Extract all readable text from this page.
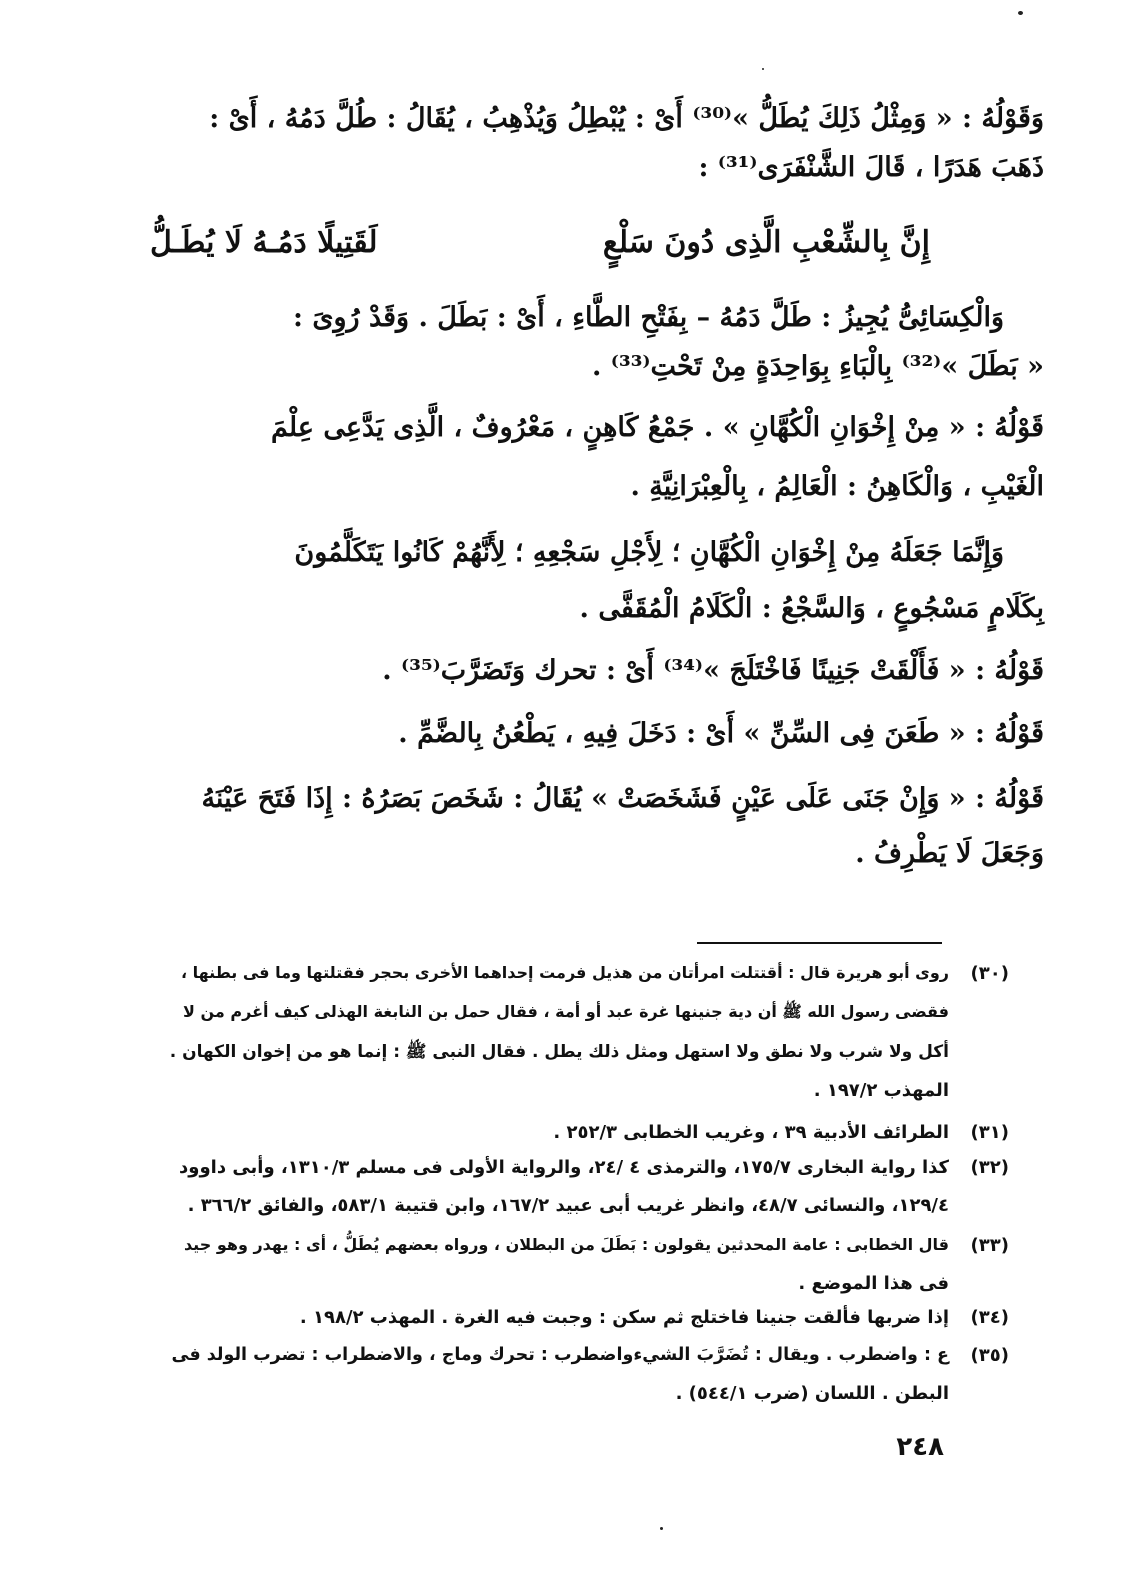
وَقَوْلُهُ : « وَمِثْلُ ذَلِكَ يُطَلُّ »⁽³⁰⁾ أَىْ : يُبْطِلُ وَيُذْهِبُ ، يُقَالُ : طُلَّ دَمُهُ ، أَىْ :
ذَهَبَ هَدَرًا ، قَالَ الشَّنْفَرَى⁽³¹⁾ :
إِنَّ بِالشِّعْبِ الَّذِى دُونَ سَلْعٍ
لَقَتِيلًا دَمُـهُ لَا يُطَـلُّ
وَالْكِسَائِىُّ يُجِيزُ : طَلَّ دَمُهُ – بِفَتْحِ الطَّاءِ ، أَىْ : بَطَلَ . وَقَدْ رُوِىَ :
« بَطَلَ »⁽³²⁾ بِالْبَاءِ بِوَاحِدَةٍ مِنْ تَحْتِ⁽³³⁾ .
قَوْلُهُ : « مِنْ إِخْوَانِ الْكُهَّانِ » . جَمْعُ كَاهِنٍ ، مَعْرُوفٌ ، الَّذِى يَدَّعِى عِلْمَ
الْغَيْبِ ، وَالْكَاهِنُ : الْعَالِمُ ، بِالْعِبْرَانِيَّةِ .
وَإِنَّمَا جَعَلَهُ مِنْ إِخْوَانِ الْكُهَّانِ ؛ لِأَجْلِ سَجْعِهِ ؛ لِأَنَّهُمْ كَانُوا يَتَكَلَّمُونَ
بِكَلَامٍ مَسْجُوعٍ ، وَالسَّجْعُ : الْكَلَامُ الْمُقَفَّى .
قَوْلُهُ : « فَأَلْقَتْ جَنِينًا فَاخْتَلَجَ »⁽³⁴⁾ أَىْ : تحرك وَتَضَرَّبَ⁽³⁵⁾ .
قَوْلُهُ : « طَعَنَ فِى السِّنِّ » أَىْ : دَخَلَ فِيهِ ، يَطْعُنُ بِالضَّمِّ .
قَوْلُهُ : « وَإِنْ جَنَى عَلَى عَيْنٍ فَشَخَصَتْ » يُقَالُ : شَخَصَ بَصَرُهُ : إِذَا فَتَحَ عَيْنَهُ
وَجَعَلَ لَا يَطْرِفُ .
(٣٠)
روى أبو هريرة قال : أقتتلت امرأتان من هذيل فرمت إحداهما الأخرى بحجر فقتلتها وما فى بطنها ،
فقضى رسول الله ﷺ أن دية جنينها غرة عبد أو أمة ، فقال حمل بن النابغة الهذلى كيف أغرم من لا
أكل ولا شرب ولا نطق ولا استهل ومثل ذلك يطل . فقال النبى ﷺ : إنما هو من إخوان الكهان .
المهذب ١٩٧/٢ .
(٣١)
الطرائف الأدبية ٣٩ ، وغريب الخطابى ٢٥٢/٣ .
(٣٢)
كذا رواية البخارى ١٧٥/٧، والترمذى ٤ /٢٤، والرواية الأولى فى مسلم ١٣١٠/٣، وأبى داوود
١٢٩/٤، والنسائى ٤٨/٧، وانظر غريب أبى عبيد ١٦٧/٢، وابن قتيبة ٥٨٣/١، والفائق ٣٦٦/٢ .
(٣٣)
قال الخطابى : عامة المحدثين يقولون : بَطَلَ من البطلان ، ورواه بعضهم يُطَلُّ ، أى : يهدر وهو جيد
فى هذا الموضع .
(٣٤)
إذا ضربها فألقت جنينا فاختلج ثم سكن : وجبت فيه الغرة . المهذب ١٩٨/٢ .
(٣٥)
ع : واضطرب . ويقال : تُضَرَّبَ الشيءواضطرب : تحرك وماج ، والاضطراب : تضرب الولد فى
البطن . اللسان (ضرب ٥٤٤/١) .
٢٤٨
